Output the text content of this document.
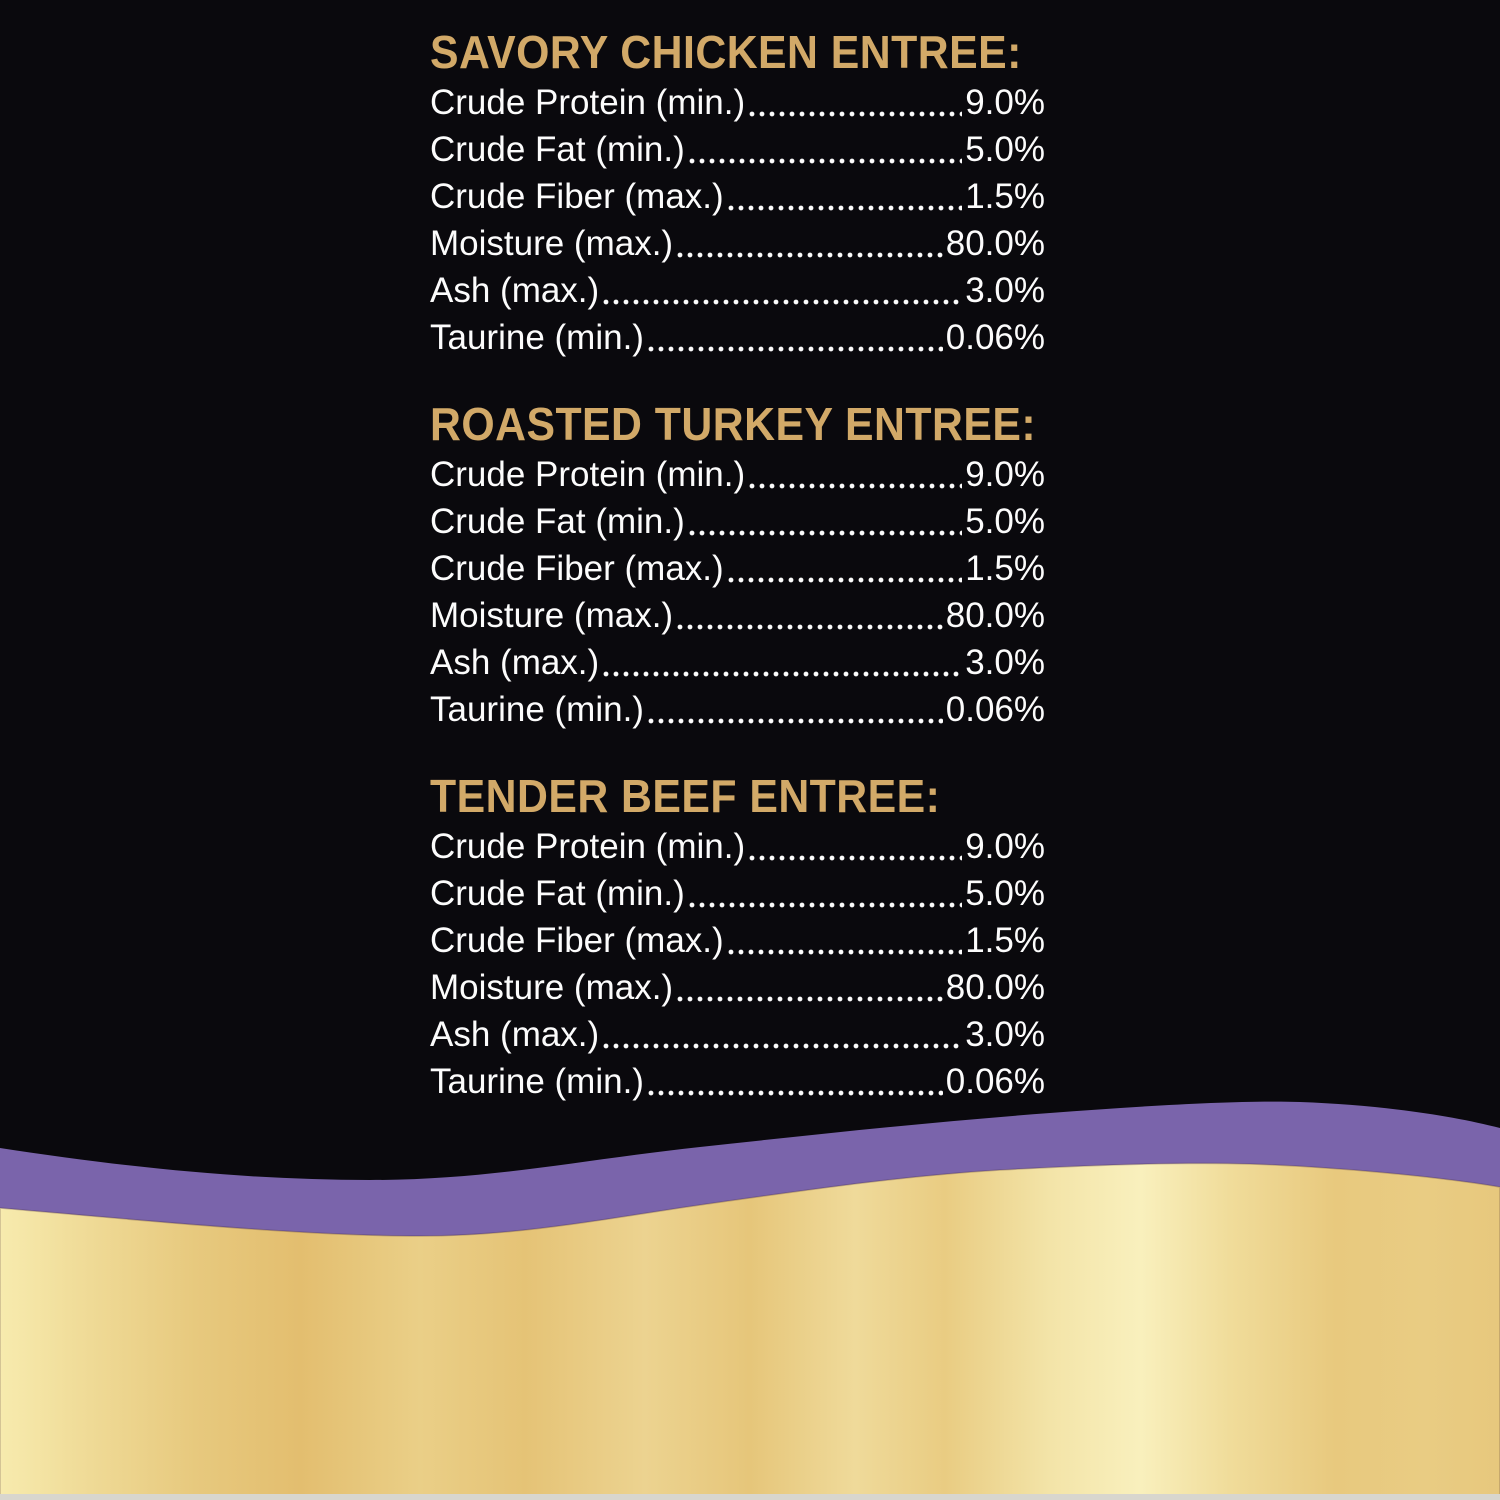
SAVORY CHICKEN ENTREE:
Crude Protein (min.)	9.0%
Crude Fat (min.)	5.0%
Crude Fiber (max.)	1.5%
Moisture (max.)	80.0%
Ash (max.)	3.0%
Taurine (min.)	0.06%
ROASTED TURKEY ENTREE:
Crude Protein (min.)	9.0%
Crude Fat (min.)	5.0%
Crude Fiber (max.)	1.5%
Moisture (max.)	80.0%
Ash (max.)	3.0%
Taurine (min.)	0.06%
TENDER BEEF ENTREE:
Crude Protein (min.)	9.0%
Crude Fat (min.)	5.0%
Crude Fiber (max.)	1.5%
Moisture (max.)	80.0%
Ash (max.)	3.0%
Taurine (min.)	0.06%
